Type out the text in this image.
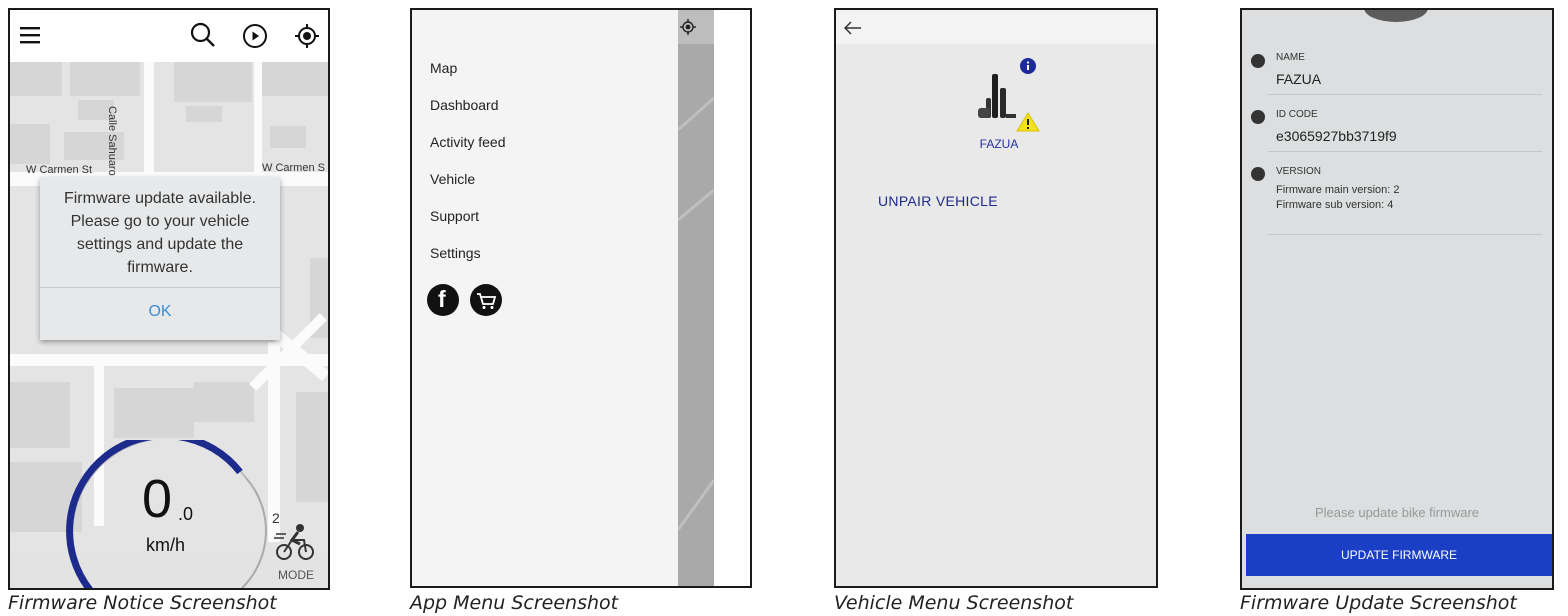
W Carmen St	W Carmen S
Calle Sahuaro
Firmware update available.
Please go to your vehicle
settings and update the
firmware.
OK
0 .0
km/h
2
MODE
Firmware Notice Screenshot
Map
Dashboard
Activity feed
Vehicle
Support
Settings
f
App Menu Screenshot
FAZUA
UNPAIR VEHICLE
Vehicle Menu Screenshot
NAME
FAZUA
ID CODE
e3065927bb3719f9
VERSION
Firmware main version: 2
Firmware sub version: 4
Please update bike firmware
UPDATE FIRMWARE
Firmware Update Screenshot
